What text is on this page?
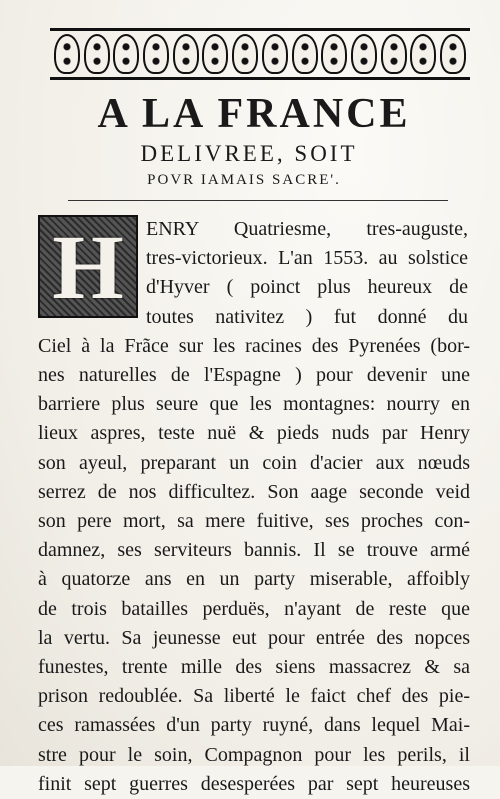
A LA FRANCE
DELIVREE, SOIT
POVR IAMAIS SACRE'.
H ENRY Quatriesme, tres-auguste,
tres-victorieux. L'an 1553. au solstice
d'Hyver ( poinct plus heureux de
toutes nativitez ) fut donné du
Ciel à la Frãce sur les racines des Pyrenées (bor-
nes naturelles de l'Espagne ) pour devenir une
barriere plus seure que les montagnes: nourry en
lieux aspres, teste nuë & pieds nuds par Henry
son ayeul, preparant un coin d'acier aux nœuds
serrez de nos difficultez. Son aage seconde veid
son pere mort, sa mere fuitive, ses proches con-
damnez, ses serviteurs bannis. Il se trouve armé
à quatorze ans en un party miserable, affoibly
de trois batailles perduës, n'ayant de reste que
la vertu. Sa jeunesse eut pour entrée des nopces
funestes, trente mille des siens massacrez & sa
prison redoublée. Sa liberté le faict chef des pie-
ces ramassées d'un party ruyné, dans lequel Mai-
stre pour le soin, Compagnon pour les perils, il
finit sept guerres desesperées par sept heureuses
